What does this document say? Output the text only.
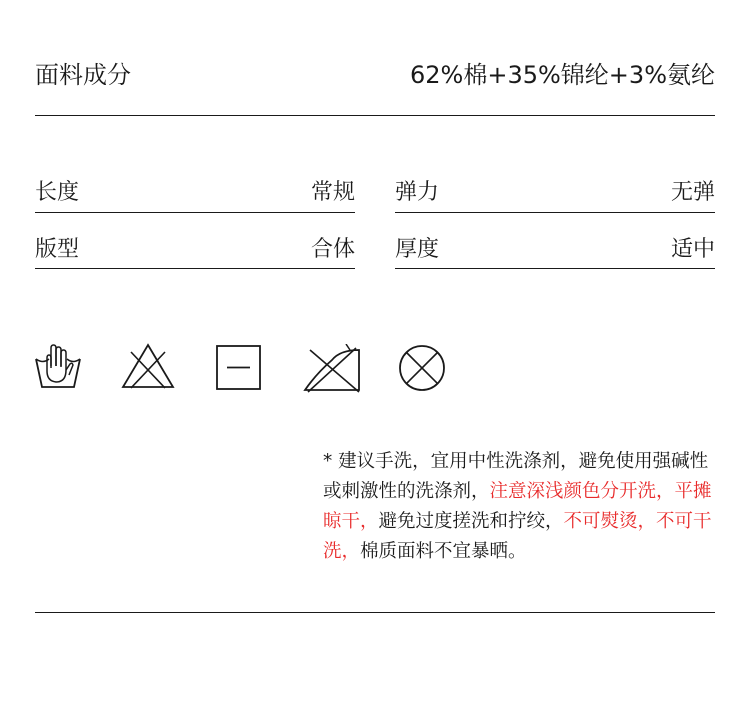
面料成分	62%棉+35%锦纶+3%氨纶
长度	常规 弹力	无弹
版型	合体 厚度	适中
* 建议手洗，宜用中性洗涤剂，避免使用强碱性或刺激性的洗涤剂，注意深浅颜色分开洗，平摊晾干，避免过度搓洗和拧绞，不可熨烫，不可干洗，棉质面料不宜暴晒。
